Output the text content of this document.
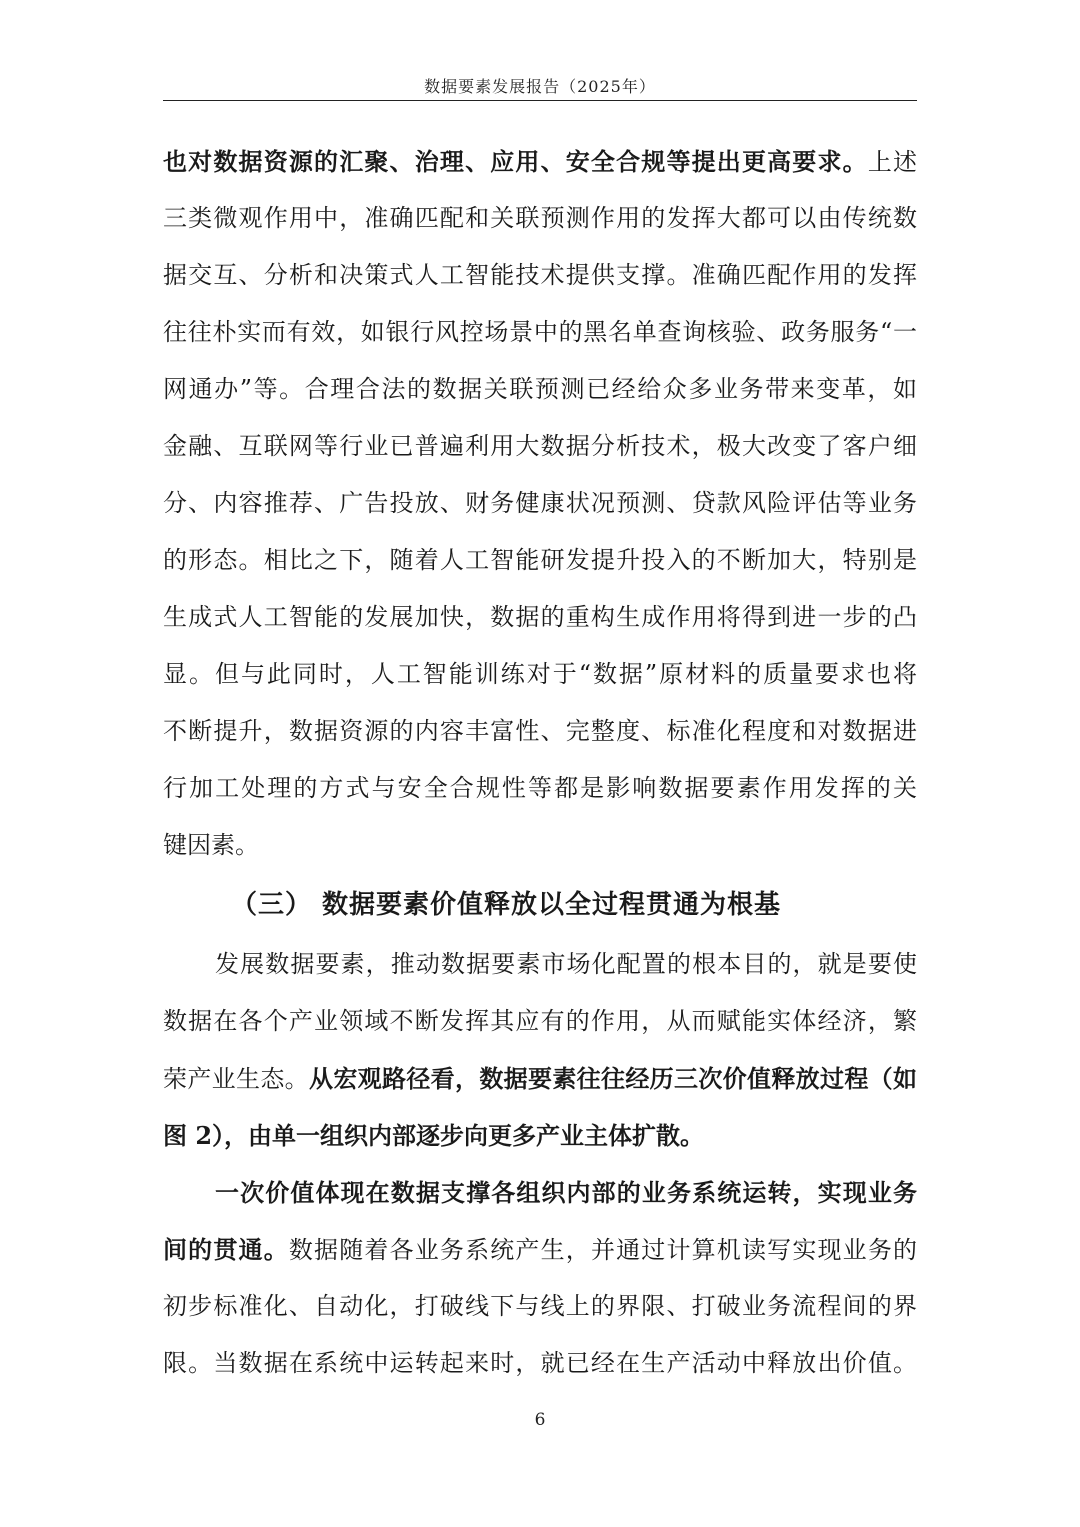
数据要素发展报告（2025年）
也对数据资源的汇聚、治理、应用、安全合规等提出更高要求。上述
三类微观作用中，准确匹配和关联预测作用的发挥大都可以由传统数
据交互、分析和决策式人工智能技术提供支撑。准确匹配作用的发挥
往往朴实而有效，如银行风控场景中的黑名单查询核验、政务服务“一
网通办”等。合理合法的数据关联预测已经给众多业务带来变革，如
金融、互联网等行业已普遍利用大数据分析技术，极大改变了客户细
分、内容推荐、广告投放、财务健康状况预测、贷款风险评估等业务
的形态。相比之下，随着人工智能研发提升投入的不断加大，特别是
生成式人工智能的发展加快，数据的重构生成作用将得到进一步的凸
显。但与此同时，人工智能训练对于“数据”原材料的质量要求也将
不断提升，数据资源的内容丰富性、完整度、标准化程度和对数据进
行加工处理的方式与安全合规性等都是影响数据要素作用发挥的关
键因素。
（三） 数据要素价值释放以全过程贯通为根基
发展数据要素，推动数据要素市场化配置的根本目的，就是要使
数据在各个产业领域不断发挥其应有的作用，从而赋能实体经济，繁
荣产业生态。从宏观路径看，数据要素往往经历三次价值释放过程（如
图 2），由单一组织内部逐步向更多产业主体扩散。
一次价值体现在数据支撑各组织内部的业务系统运转，实现业务
间的贯通。数据随着各业务系统产生，并通过计算机读写实现业务的
初步标准化、自动化，打破线下与线上的界限、打破业务流程间的界
限。当数据在系统中运转起来时，就已经在生产活动中释放出价值。
6
